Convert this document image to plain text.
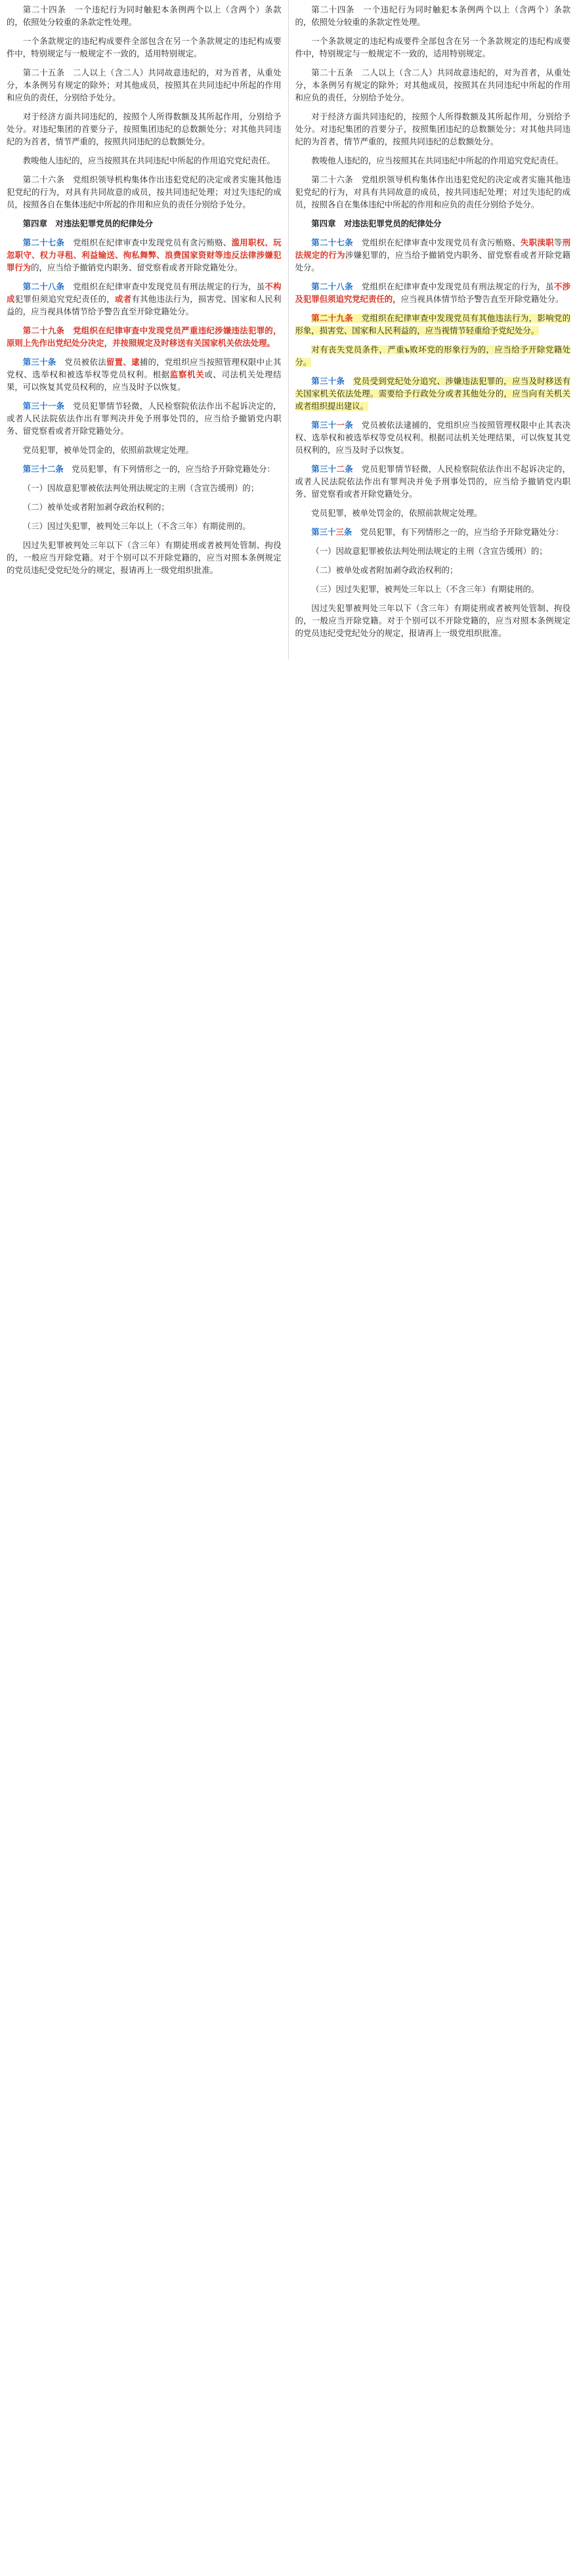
第二十四条　一个违纪行为同时触犯本条例两个以上（含两个）条款的，依照处分较重的条款定性处理。

一个条款规定的违纪构成要件全部包含在另一个条款规定的违纪构成要件中，特别规定与一般规定不一致的，适用特别规定。

第二十五条　二人以上（含二人）共同故意违纪的，对为首者，从重处分，本条例另有规定的除外；对其他成员，按照其在共同违纪中所起的作用和应负的责任，分别给予处分。

对于经济方面共同违纪的，按照个人所得数额及其所起作用，分别给予处分。对违纪集团的首要分子，按照集团违纪的总数额处分；对其他共同违纪的为首者，情节严重的，按照共同违纪的总数额处分。

教唆他人违纪的，应当按照其在共同违纪中所起的作用追究党纪责任。

第二十六条　党组织领导机构集体作出违犯党纪的决定或者实施其他违犯党纪的行为，对具有共同故意的成员，按共同违纪处理；对过失违纪的成员，按照各自在集体违纪中所起的作用和应负的责任分别给予处分。

第四章　对违法犯罪党员的纪律处分

第二十七条　党组织在纪律审查中发现党员有贪污贿赂、滥用职权、玩忽职守、权力寻租、利益输送、徇私舞弊、浪费国家资财等违反法律涉嫌犯罪行为的，应当给予撤销党内职务、留党察看或者开除党籍处分。

第二十八条　党组织在纪律审查中发现党员有刑法规定的行为，虽不构成犯罪但须追究党纪责任的，或者有其他违法行为，损害党、国家和人民利益的，应当视具体情节给予警告直至开除党籍处分。

第二十九条　党组织在纪律审查中发现党员严重违纪涉嫌违法犯罪的，原则上先作出党纪处分决定，并按照规定及时移送有关国家机关依法处理。

第三十条　党员被依法留置、逮捕的，党组织应当按照管理权限中止其党权、选举权和被选举权等党员权利。根据监察机关或、司法机关处理结果，可以恢复其党员权利的，应当及时予以恢复。

第三十一条　党员犯罪情节轻微，人民检察院依法作出不起诉决定的，或者人民法院依法作出有罪判决并免予刑事处罚的，应当给予撤销党内职务、留党察看或者开除党籍处分。

党员犯罪，被单处罚金的，依照前款规定处理。

第三十二条　党员犯罪，有下列情形之一的，应当给予开除党籍处分：

（一）因故意犯罪被依法判处刑法规定的主刑（含宣告缓刑）的；

（二）被单处或者附加剥夺政治权利的；

（三）因过失犯罪，被判处三年以上（不含三年）有期徒刑的。

因过失犯罪被判处三年以下（含三年）有期徒刑或者被判处管制、拘役的，一般应当开除党籍。对于个别可以不开除党籍的，应当对照本条例规定的党员违纪受党纪处分的规定，报请再上一级党组织批准。

第二十四条　一个违纪行为同时触犯本条例两个以上（含两个）条款的，依照处分较重的条款定性处理。

一个条款规定的违纪构成要件全部包含在另一个条款规定的违纪构成要件中，特别规定与一般规定不一致的，适用特别规定。

第二十五条　二人以上（含二人）共同故意违纪的，对为首者，从重处分，本条例另有规定的除外；对其他成员，按照其在共同违纪中所起的作用和应负的责任，分别给予处分。

对于经济方面共同违纪的，按照个人所得数额及其所起作用，分别给予处分。对违纪集团的首要分子，按照集团违纪的总数额处分；对其他共同违纪的为首者，情节严重的，按照共同违纪的总数额处分。

教唆他人违纪的，应当按照其在共同违纪中所起的作用追究党纪责任。

第二十六条　党组织领导机构集体作出违犯党纪的决定或者实施其他违犯党纪的行为，对具有共同故意的成员，按共同违纪处理；对过失违纪的成员，按照各自在集体违纪中所起的作用和应负的责任分别给予处分。

第四章　对违法犯罪党员的纪律处分

第二十七条　党组织在纪律审查中发现党员有贪污贿赂、失职渎职等刑法规定的行为涉嫌犯罪的，应当给予撤销党内职务、留党察看或者开除党籍处分。

第二十八条　党组织在纪律审查中发现党员有刑法规定的行为，虽不涉及犯罪但须追究党纪责任的，应当视具体情节给予警告直至开除党籍处分。

第二十九条　党组织在纪律审查中发现党员有其他违法行为，影响党的形象，损害党、国家和人民利益的，应当视情节轻重给予党纪处分。

对有丧失党员条件，严重ъ败坏党的形象行为的，应当给予开除党籍处分。

第三十条　党员受到党纪处分追究、涉嫌违法犯罪的，应当及时移送有关国家机关依法处理。需要给予行政处分或者其他处分的，应当向有关机关或者组织提出建议。

第三十一条　党员被依法逮捕的，党组织应当按照管理权限中止其表决权、选举权和被选举权等党员权利。根据司法机关处理结果，可以恢复其党员权利的，应当及时予以恢复。

第三十二条　党员犯罪情节轻微，人民检察院依法作出不起诉决定的，或者人民法院依法作出有罪判决并免予刑事处罚的，应当给予撤销党内职务、留党察看或者开除党籍处分。

党员犯罪，被单处罚金的，依照前款规定处理。

第三十三条　党员犯罪，有下列情形之一的，应当给予开除党籍处分：

（一）因故意犯罪被依法判处刑法规定的主刑（含宣告缓刑）的；

（二）被单处或者附加剥夺政治权利的；

（三）因过失犯罪，被判处三年以上（不含三年）有期徒刑的。

因过失犯罪被判处三年以下（含三年）有期徒刑或者被判处管制、拘役的，一般应当开除党籍。对于个别可以不开除党籍的，应当对照本条例规定的党员违纪受党纪处分的规定，报请再上一级党组织批准。
